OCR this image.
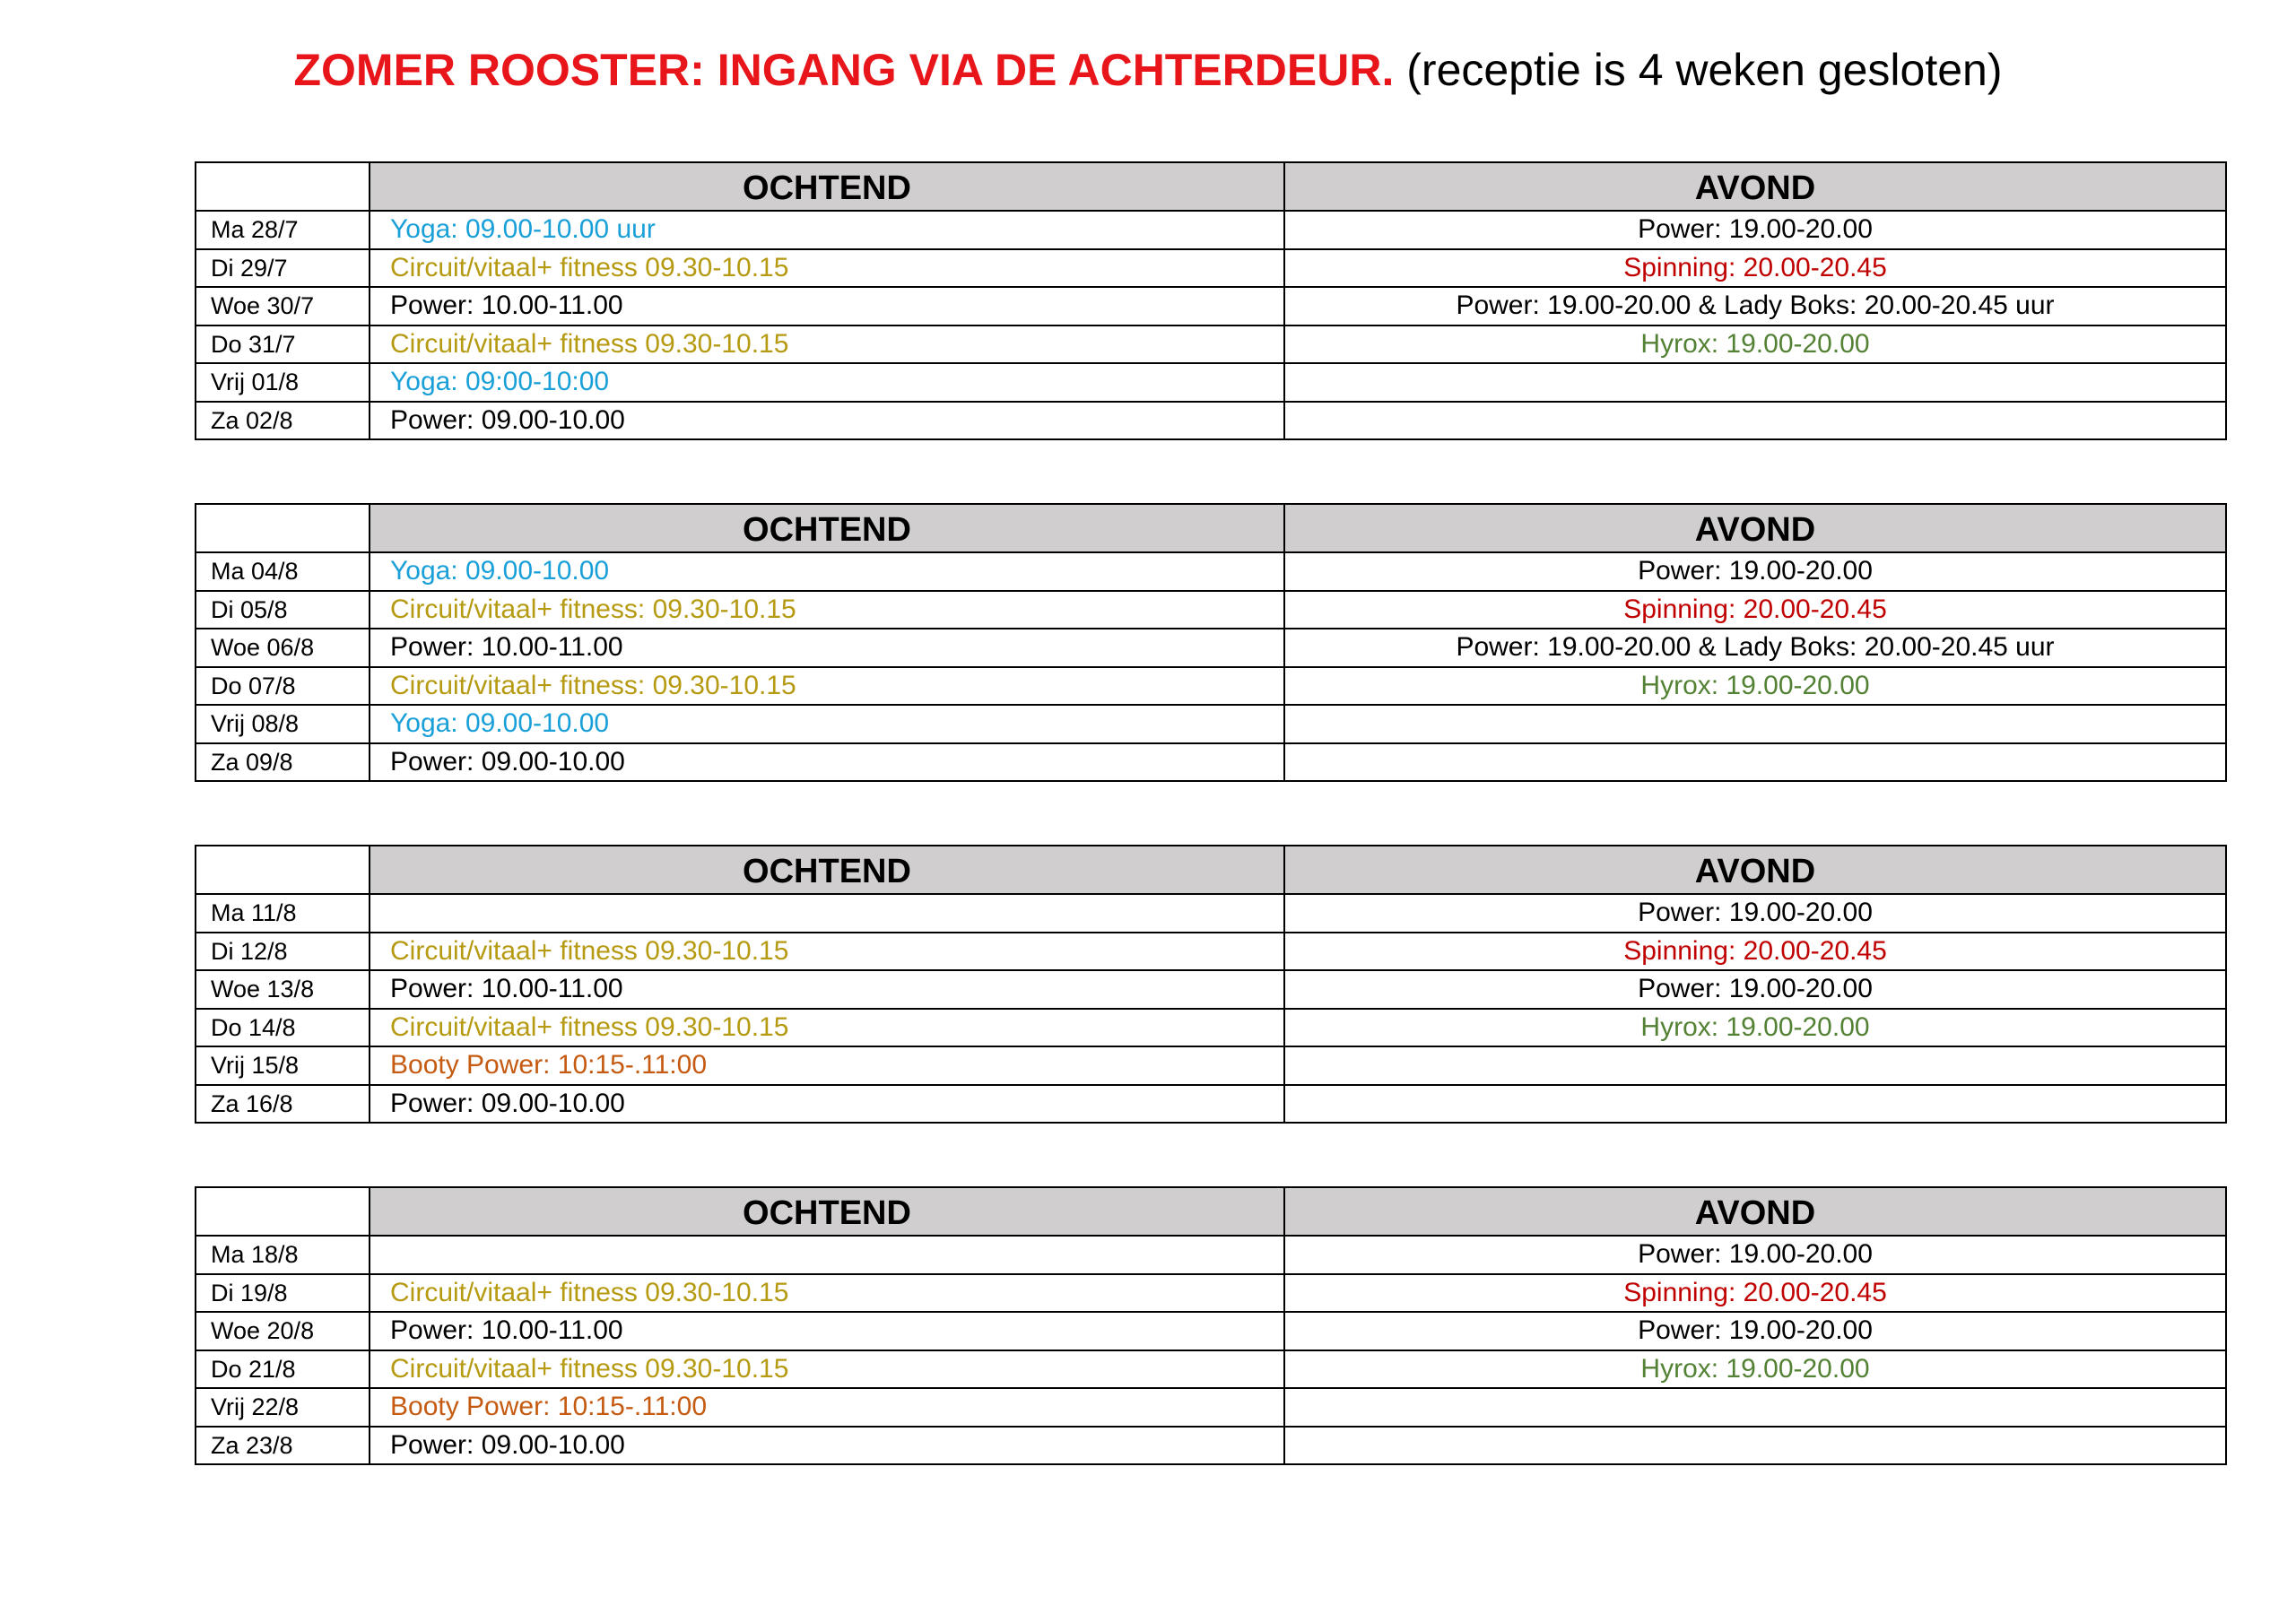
ZOMER ROOSTER: INGANG VIA DE ACHTERDEUR. (receptie is 4 weken gesloten)
	OCHTEND	AVOND
Ma 28/7	Yoga: 09.00-10.00 uur	Power: 19.00-20.00
Di 29/7	Circuit/vitaal+ fitness 09.30-10.15	Spinning: 20.00-20.45
Woe 30/7	Power: 10.00-11.00	Power: 19.00-20.00 & Lady Boks: 20.00-20.45 uur
Do 31/7	Circuit/vitaal+ fitness 09.30-10.15	Hyrox: 19.00-20.00
Vrij 01/8	Yoga: 09:00-10:00	
Za 02/8	Power: 09.00-10.00	
	OCHTEND	AVOND
Ma 04/8	Yoga: 09.00-10.00	Power: 19.00-20.00
Di 05/8	Circuit/vitaal+ fitness: 09.30-10.15	Spinning: 20.00-20.45
Woe 06/8	Power: 10.00-11.00	Power: 19.00-20.00 & Lady Boks: 20.00-20.45 uur
Do 07/8	Circuit/vitaal+ fitness: 09.30-10.15	Hyrox: 19.00-20.00
Vrij 08/8	Yoga: 09.00-10.00	
Za 09/8	Power: 09.00-10.00	
	OCHTEND	AVOND
Ma 11/8		Power: 19.00-20.00
Di 12/8	Circuit/vitaal+ fitness 09.30-10.15	Spinning: 20.00-20.45
Woe 13/8	Power: 10.00-11.00	Power: 19.00-20.00
Do 14/8	Circuit/vitaal+ fitness 09.30-10.15	Hyrox: 19.00-20.00
Vrij 15/8	Booty Power: 10:15-.11:00	
Za 16/8	Power: 09.00-10.00	
	OCHTEND	AVOND
Ma 18/8		Power: 19.00-20.00
Di 19/8	Circuit/vitaal+ fitness 09.30-10.15	Spinning: 20.00-20.45
Woe 20/8	Power: 10.00-11.00	Power: 19.00-20.00
Do 21/8	Circuit/vitaal+ fitness 09.30-10.15	Hyrox: 19.00-20.00
Vrij 22/8	Booty Power: 10:15-.11:00	
Za 23/8	Power: 09.00-10.00	
